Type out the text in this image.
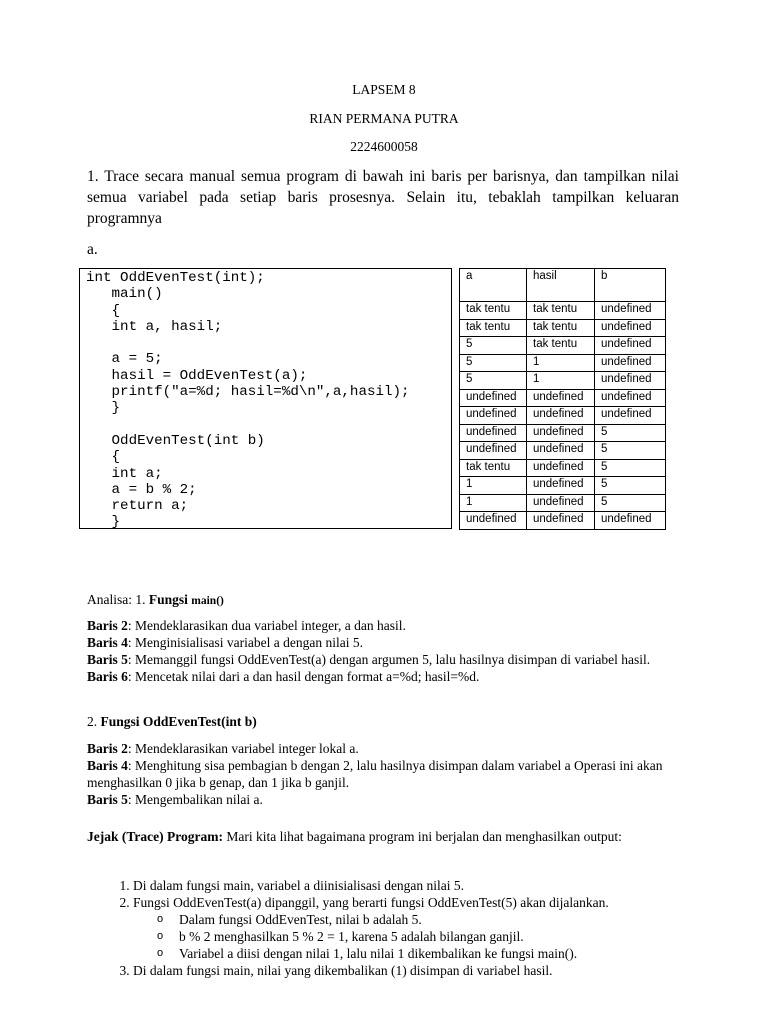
LAPSEM 8
RIAN PERMANA PUTRA
2224600058
1. Trace secara manual semua program di bawah ini baris per barisnya, dan tampilkan nilai semua variabel pada setiap baris prosesnya. Selain itu, tebaklah tampilkan keluaran programnya
a.
int OddEvenTest(int);
main()
{
int a, hasil;
a = 5;
hasil = OddEvenTest(a);
printf("a=%d; hasil=%d\n",a,hasil);
}
OddEvenTest(int b)
{
int a;
a = b % 2;
return a;
}
a	hasil	b
tak tentu	tak tentu	undefined
tak tentu	tak tentu	undefined
5	tak tentu	undefined
5	1	undefined
5	1	undefined
undefined	undefined	undefined
undefined	undefined	undefined
undefined	undefined	5
undefined	undefined	5
tak tentu	undefined	5
1	undefined	5
1	undefined	5
undefined	undefined	undefined
Analisa: 1. Fungsi main()
Baris 2: Mendeklarasikan dua variabel integer, a dan hasil.
Baris 4: Menginisialisasi variabel a dengan nilai 5.
Baris 5: Memanggil fungsi OddEvenTest(a) dengan argumen 5, lalu hasilnya disimpan di variabel hasil.
Baris 6: Mencetak nilai dari a dan hasil dengan format a=%d; hasil=%d.
2. Fungsi OddEvenTest(int b)
Baris 2: Mendeklarasikan variabel integer lokal a.
Baris 4: Menghitung sisa pembagian b dengan 2, lalu hasilnya disimpan dalam variabel a Operasi ini akan menghasilkan 0 jika b genap, dan 1 jika b ganjil.
Baris 5: Mengembalikan nilai a.
Jejak (Trace) Program: Mari kita lihat bagaimana program ini berjalan dan menghasilkan output:
1. Di dalam fungsi main, variabel a diinisialisasi dengan nilai 5.
2. Fungsi OddEvenTest(a) dipanggil, yang berarti fungsi OddEvenTest(5) akan dijalankan.
o Dalam fungsi OddEvenTest, nilai b adalah 5.
o b % 2 menghasilkan 5 % 2 = 1, karena 5 adalah bilangan ganjil.
o Variabel a diisi dengan nilai 1, lalu nilai 1 dikembalikan ke fungsi main().
3. Di dalam fungsi main, nilai yang dikembalikan (1) disimpan di variabel hasil.
